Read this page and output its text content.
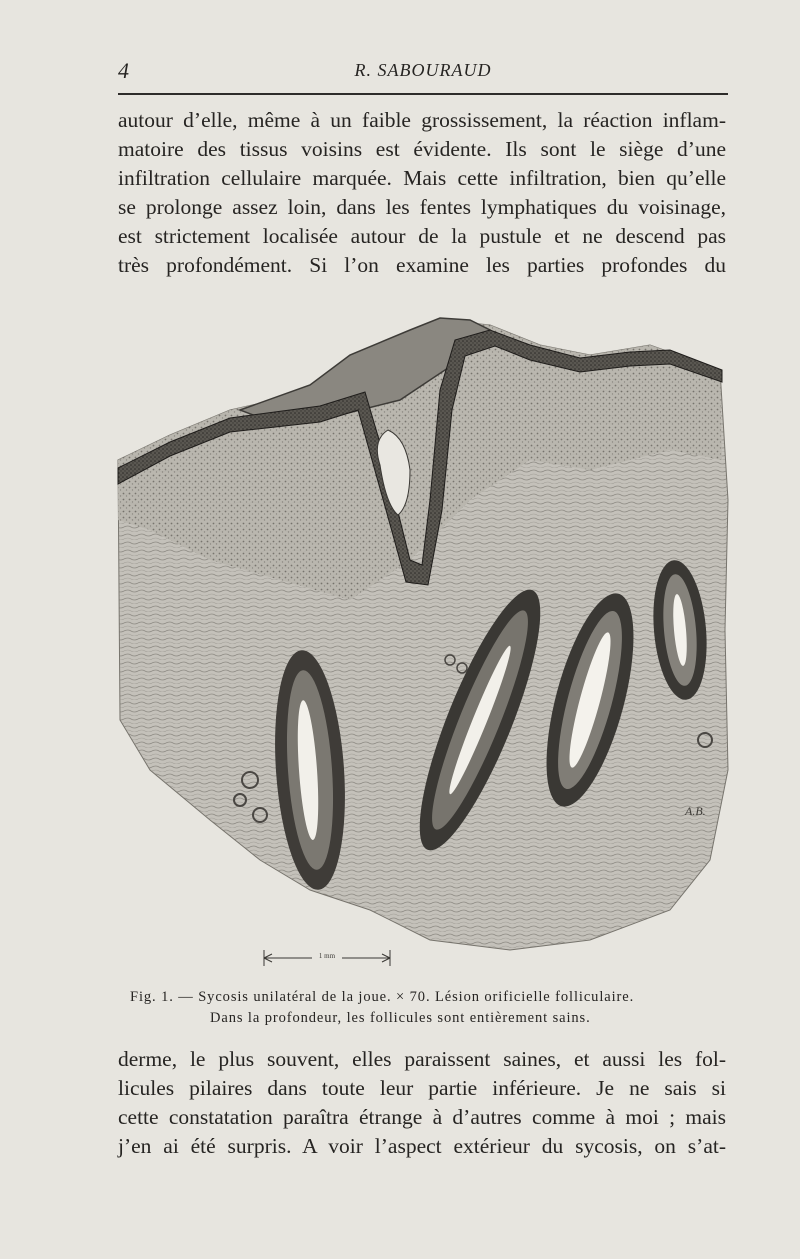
4	R. SABOURAUD

autour d’elle, même à un faible grossissement, la réaction inflam-
matoire des tissus voisins est évidente. Ils sont le siège d’une
infiltration cellulaire marquée. Mais cette infiltration, bien qu’elle
se prolonge assez loin, dans les fentes lymphatiques du voisinage,
est strictement localisée autour de la pustule et ne descend pas
très profondément. Si l’on examine les parties profondes du

A.B.
1 mm
Fig. 1. — Sycosis unilatéral de la joue. × 70. Lésion orificielle folliculaire.
Dans la profondeur, les follicules sont entièrement sains.

derme, le plus souvent, elles paraissent saines, et aussi les fol-
licules pilaires dans toute leur partie inférieure. Je ne sais si
cette constatation paraîtra étrange à d’autres comme à moi ; mais
j’en ai été surpris. A voir l’aspect extérieur du sycosis, on s’at-
